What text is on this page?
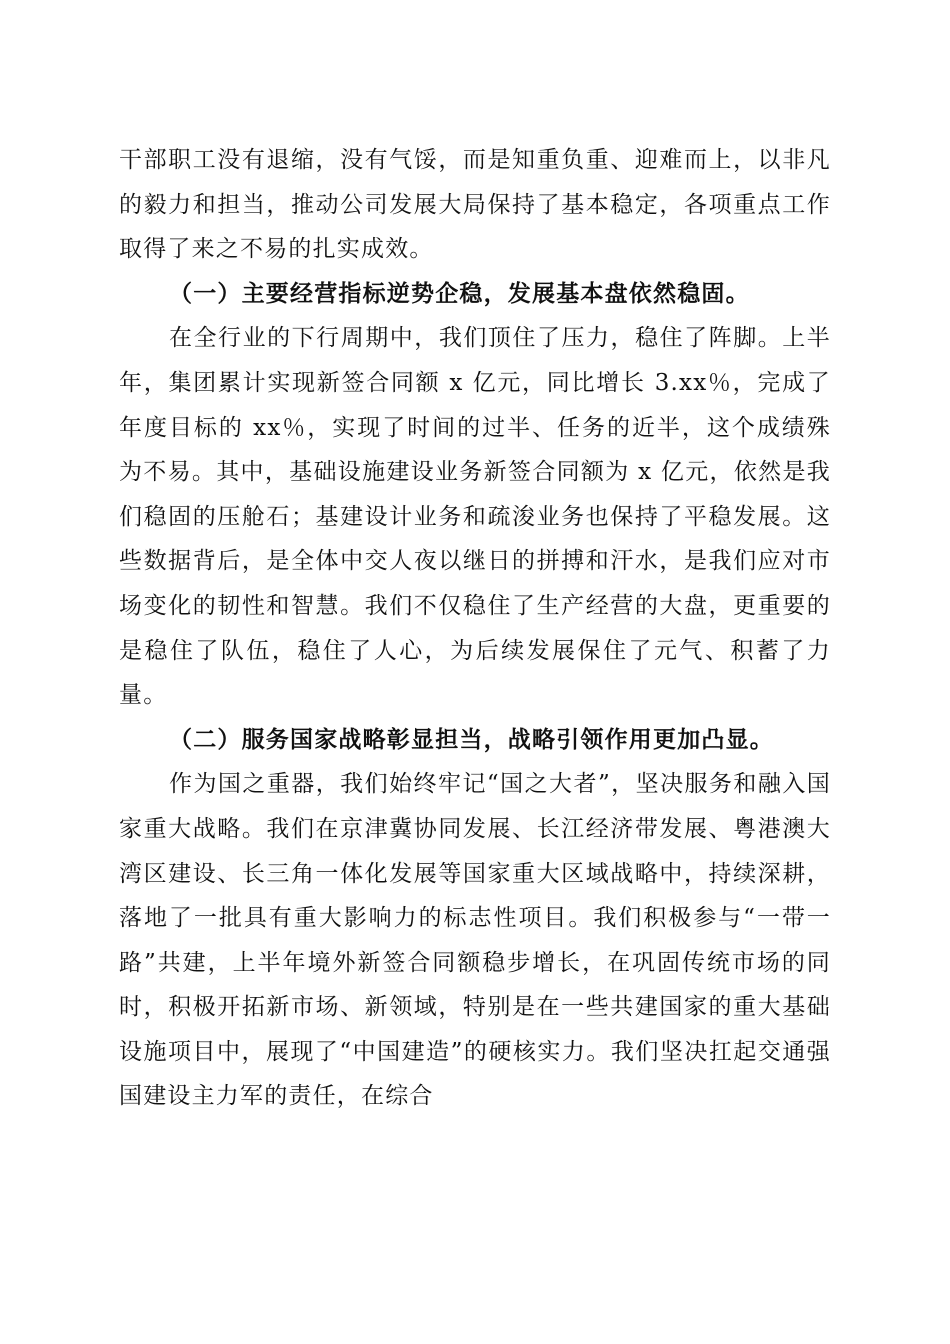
干部职工没有退缩，没有气馁，而是知重负重、迎难而上，以非凡的毅力和担当，推动公司发展大局保持了基本稳定，各项重点工作取得了来之不易的扎实成效。

（一）主要经营指标逆势企稳，发展基本盘依然稳固。

在全行业的下行周期中，我们顶住了压力，稳住了阵脚。上半年，集团累计实现新签合同额 x 亿元，同比增长 3.xx％，完成了年度目标的 xx％，实现了时间的过半、任务的近半，这个成绩殊为不易。其中，基础设施建设业务新签合同额为 x 亿元，依然是我们稳固的压舱石；基建设计业务和疏浚业务也保持了平稳发展。这些数据背后，是全体中交人夜以继日的拼搏和汗水，是我们应对市场变化的韧性和智慧。我们不仅稳住了生产经营的大盘，更重要的是稳住了队伍，稳住了人心，为后续发展保住了元气、积蓄了力量。

（二）服务国家战略彰显担当，战略引领作用更加凸显。

作为国之重器，我们始终牢记“国之大者”，坚决服务和融入国家重大战略。我们在京津冀协同发展、长江经济带发展、粤港澳大湾区建设、长三角一体化发展等国家重大区域战略中，持续深耕，落地了一批具有重大影响力的标志性项目。我们积极参与“一带一路”共建，上半年境外新签合同额稳步增长，在巩固传统市场的同时，积极开拓新市场、新领域，特别是在一些共建国家的重大基础设施项目中，展现了“中国建造”的硬核实力。我们坚决扛起交通强国建设主力军的责任，在综合
